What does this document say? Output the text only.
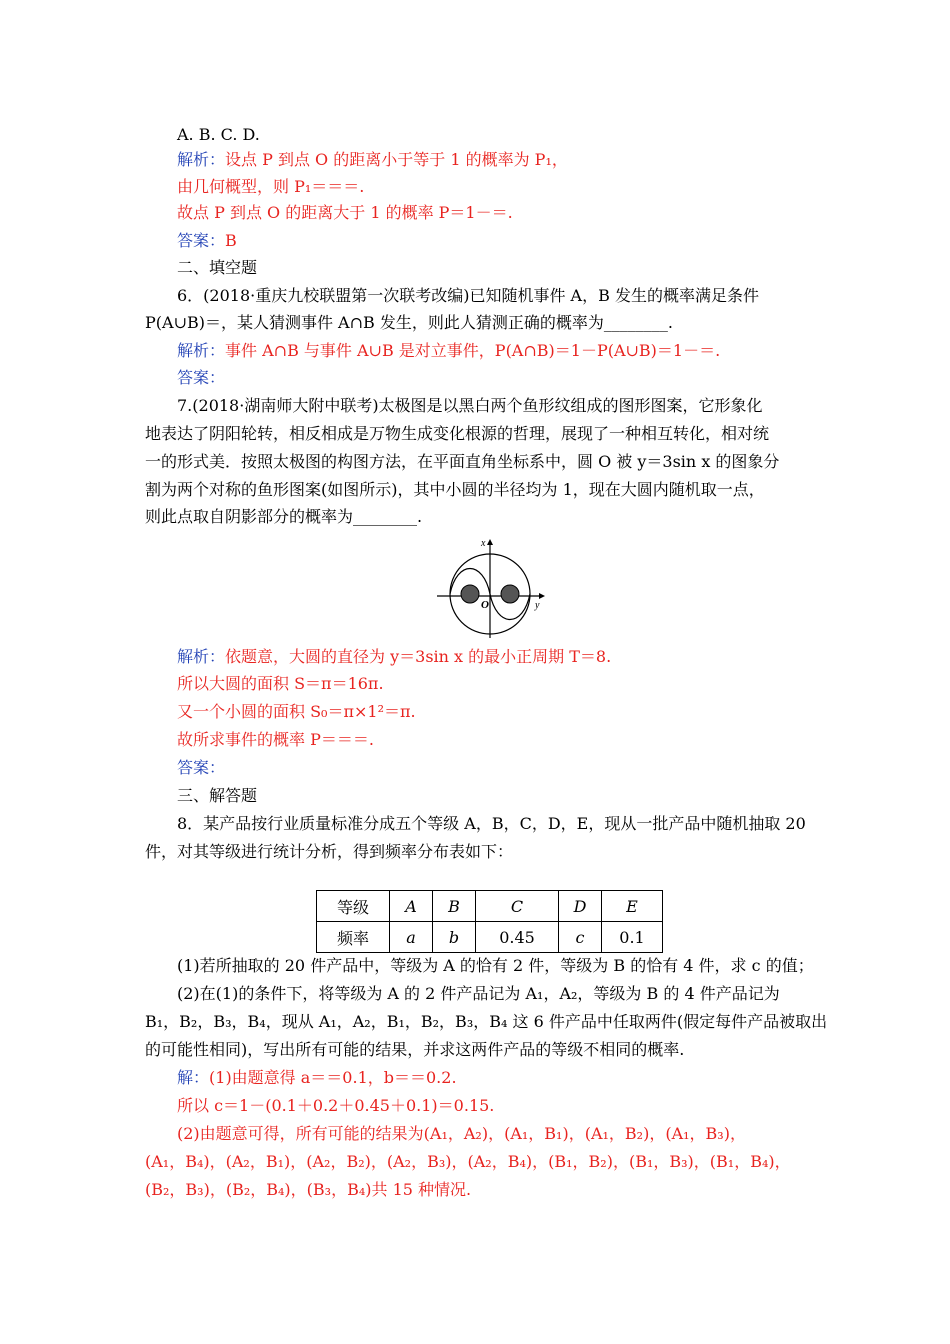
A. B. C. D.
解析：设点 P 到点 O 的距离小于等于 1 的概率为 P₁，
由几何概型，则 P₁＝＝＝.
故点 P 到点 O 的距离大于 1 的概率 P＝1－＝.
答案：B
二、填空题
6．(2018·重庆九校联盟第一次联考改编)已知随机事件 A，B 发生的概率满足条件
P(A∪B)＝，某人猜测事件 A∩B 发生，则此人猜测正确的概率为________.
解析：事件 A∩B 与事件 A∪B 是对立事件，P(A∩B)＝1－P(A∪B)＝1－＝.
答案：
7.(2018·湖南师大附中联考)太极图是以黑白两个鱼形纹组成的图形图案，它形象化
地表达了阴阳轮转，相反相成是万物生成变化根源的哲理，展现了一种相互转化，相对统
一的形式美．按照太极图的构图方法，在平面直角坐标系中，圆 O 被 y＝3sin x 的图象分
割为两个对称的鱼形图案(如图所示)，其中小圆的半径均为 1，现在大圆内随机取一点，
则此点取自阴影部分的概率为________.
解析：依题意，大圆的直径为 y＝3sin x 的最小正周期 T＝8.
所以大圆的面积 S＝π＝16π.
又一个小圆的面积 S₀＝π×1²＝π.
故所求事件的概率 P＝＝＝.
答案：
三、解答题
8．某产品按行业质量标准分成五个等级 A，B，C，D，E，现从一批产品中随机抽取 20
件，对其等级进行统计分析，得到频率分布表如下：
(1)若所抽取的 20 件产品中，等级为 A 的恰有 2 件，等级为 B 的恰有 4 件，求 c 的值；
(2)在(1)的条件下，将等级为 A 的 2 件产品记为 A₁，A₂，等级为 B 的 4 件产品记为
B₁，B₂，B₃，B₄，现从 A₁，A₂，B₁，B₂，B₃，B₄ 这 6 件产品中任取两件(假定每件产品被取出
的可能性相同)，写出所有可能的结果，并求这两件产品的等级不相同的概率.
解：(1)由题意得 a＝＝0.1，b＝＝0.2.
所以 c＝1－(0.1＋0.2＋0.45＋0.1)＝0.15.
(2)由题意可得，所有可能的结果为(A₁，A₂)，(A₁，B₁)，(A₁，B₂)，(A₁，B₃)，
(A₁，B₄)，(A₂，B₁)，(A₂，B₂)，(A₂，B₃)，(A₂，B₄)，(B₁，B₂)，(B₁，B₃)，(B₁，B₄)，
(B₂，B₃)，(B₂，B₄)，(B₃，B₄)共 15 种情况.
x
y
O
等级	A	B	C	D	E
频率	a	b	0.45	c	0.1
